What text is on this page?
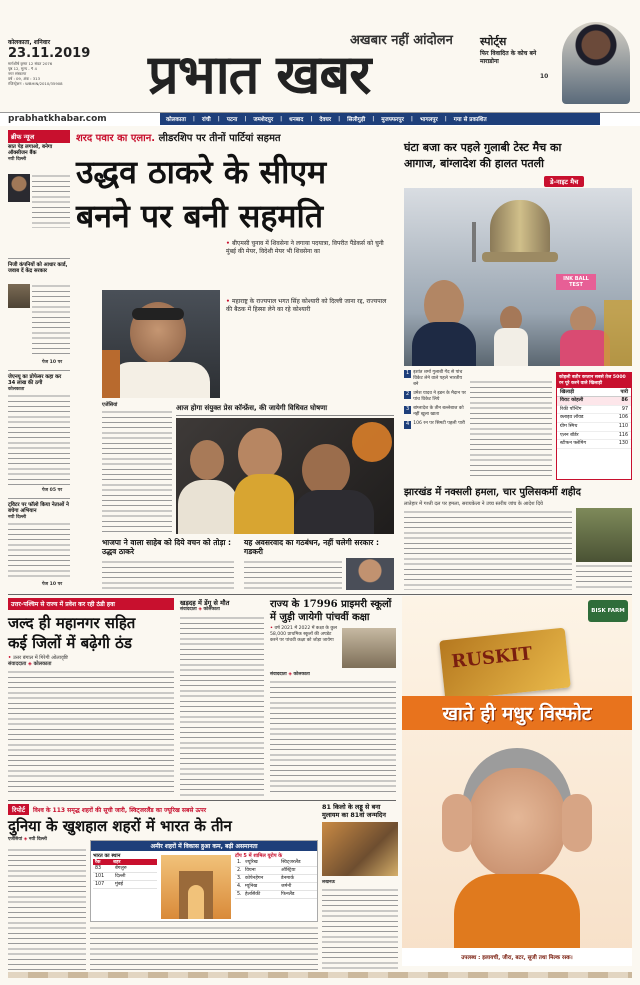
कोलकाता, शनिवार
23.11.2019
मार्गशीर्ष कृष्ण 12 संवत 2076
पृष्ठ 12, मूल्य - ₹ 4
नगर संस्करण
वर्ष : 09, अंक : 313
रजिस्ट्रेशन : WBHIN/2010/35908
अखबार नहीं आंदोलन
प्रभात खबर
स्पोर्ट्स
फिर विवादित के कोच बने माराडोना
10
prabhatkhabar.com	कोलकाता | रांची | पटना | जमशेदपुर | धनबाद | देवघर | सिलीगुड़ी | मुजफ्फरपुर | भागलपुर | गया से प्रकाशित
ब्रीफ न्यूज
सात पेड़ लगाओ, बनेगा ऑक्सीजन बैंक
नयी दिल्ली
निजी कंपनियों को आधार कार्ड, जवाब दें केंद्र सरकार
पेज 10 पर
जेएनयू का प्रोफेसर कहा कर 34 लाख की ठगी
कोलकाता
पेज 05 पर
ट्विटर पर फॉलो किया नेताओं ने बचेगा अभियान
नयी दिल्ली
पेज 10 पर
शरद पवार का एलान. लीडरशिप पर तीनों पार्टियां सहमत
उद्धव ठाकरे के सीएम
बनने पर बनी सहमति
• बीएमसी चुनाव में शिवसेना ने लगाया पदयात्रा, विपरीत पैंडेकर्स को चुनी मुंबई की मेयर, विदेशी मेयर भी शिवसेना का
• महाराष्ट्र के राज्यपाल भगत सिंह कोश्यारी को दिल्ली जाना रद्द, राज्यपाल की बैठक में हिस्सा लेने का रहे कोश्यारी
आज होगा संयुक्त प्रेस कॉन्फ्रेंस, की जायेगी विधिवत घोषणा
एजेंसियां
भाजपा ने वाला साहेब को दिये वचन को तोड़ा : उद्धव ठाकरे
यह अवसरवाद का गठबंधन, नहीं चलेगी सरकार : गडकरी
घंटा बजा कर पहले गुलाबी टेस्ट मैच का
आगाज, बांग्लादेश की हालत पतली
डे-नाइट मैच
INK BALL TEST
1 इशांत शर्मा गुलाबी गेंद से पांच विकेट लेने वाले पहले भारतीय बने
2 उमेश यादव ने इडन के मैदान पर पांच विकेट लिये
3 बांग्लादेश के तीन बल्लेबाज को नहीं खुला खाता
4 106 रन पर सिमटी पहली पारी
कोहली बतौर कप्तान सबसे तेज 5000 रन पूरे करने वाले खिलाड़ी
खिलाड़ी	पारी
विराट कोहली	86
रिकी पॉन्टिंग	97
क्लाइव लॉयड	106
ग्रीम स्मिथ	110
एलन बॉर्डर	116
स्टीफन फ्लेमिंग	130
झारखंड में नक्सली हमला, चार पुलिसकर्मी शहीद
लातेहार में गश्ती दल पर हमला, सरायकेला ने उच्च स्तरीय जांच के आदेश दिये
उत्तर-पश्चिम से राज्य में प्रवेश कर रही ठंडी हवा
जल्द ही महानगर सहित
कई जिलों में बढ़ेगी ठंड
• उत्तर बंगाल में गिरेगी ओलावृष्टि
संवाददाता ◈ कोलकाता
खड़दह में डेंगू से मौत
संवाददाता ◈ कोलकाता	राज्य के 17996 प्राइमरी स्कूलों
में जुड़ी जायेगी पांचवीं कक्षा
• वर्ष 2021 में 2022 में कक्षा के कुल 58,000 प्राथमिक स्कूलों की अपडेट करने पर पांचवी कक्षा को जोड़ा जायेगा
संवाददाता ◈ कोलकाता
BISK FARM
RUSKIT
खाते ही मधुर विस्फोट
उपलब्ध : इलायची, जीरा, बटर, सूजी तथा मिल्क रस्क।
रिपोर्ट	विश्व के 113 समृद्ध शहरों की सूची जारी, स्विट्जरलैंड का ज्यूरिख सबसे ऊपर
दुनिया के खुशहाल शहरों में भारत के तीन
एजेंसियां ◈ नयी दिल्ली
अमीर शहरों में विकास हुआ कम, बढ़ी असमानता
भारत का स्थान
रैंक	शहर
83	बेंगलुरु
101	दिल्ली
107	मुंबई
टॉप 5 में शामिल यूरोप के
1. ज्यूरिख	स्विट्जरलैंड
2. वियना	ऑस्ट्रिया
3. कोपेनहेगन	डेनमार्क
4. म्यूनिख	जर्मनी
5. हेलसिंकी	फिनलैंड
81 किलो के लड्डू से बना
मुलायम का 81वां जन्मदिन
लखनऊ
